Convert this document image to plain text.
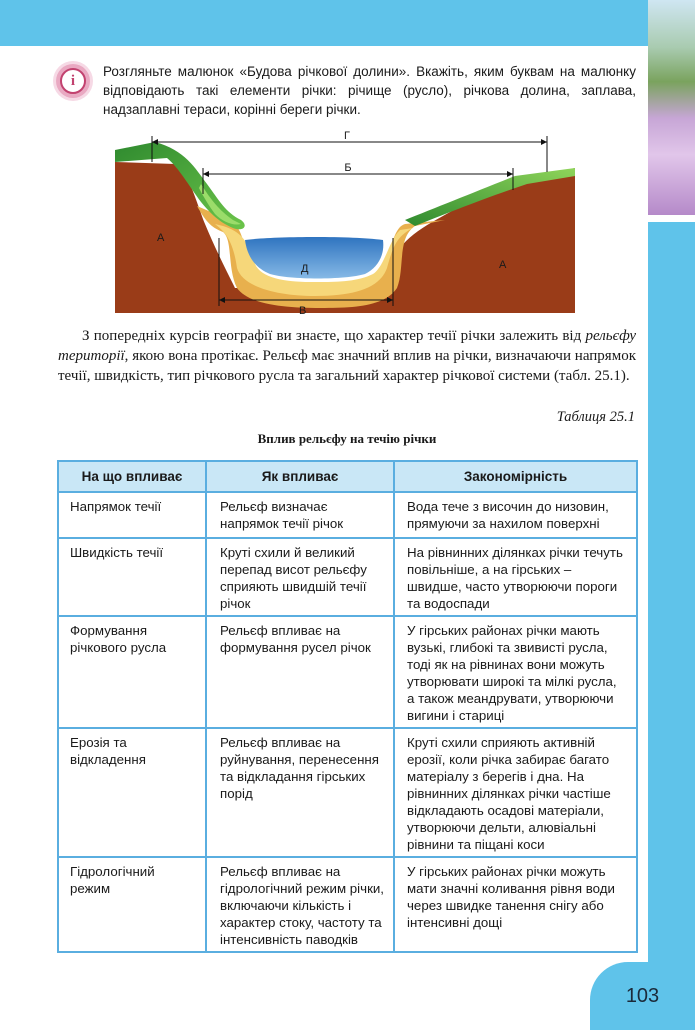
i
Розгляньте малюнок «Будова річкової долини». Вкажіть, яким буквам на малюнку відповідають такі елементи річки: річище (русло), річкова долина, заплава, надзаплавні тераси, корінні береги річки.
Г
Б
А
А
Д
В
З попередніх курсів географії ви знаєте, що характер течії річки залежить від рельєфу території, якою вона протікає. Рельєф має значний вплив на річки, визначаючи напрямок течії, швидкість, тип річкового русла та загальний характер річкової системи (табл. 25.1).
Таблиця 25.1
Вплив рельєфу на течію річки
На що впливає	Як впливає	Закономірність
Напрямок течії	Рельєф визначає напрямок течії річок	Вода тече з височин до низовин, прямуючи за нахилом поверхні
Швидкість течії	Круті схили й великий перепад висот рельєфу сприяють швидшій течії річок	На рівнинних ділянках річки течуть повільніше, а на гірських – швидше, часто утворюючи пороги та водоспади
Формування річкового русла	Рельєф впливає на формування русел річок	У гірських районах річки мають вузькі, глибокі та звивисті русла, тоді як на рівнинах вони можуть утворювати широкі та мілкі русла, а також меандрувати, утворюючи вигини і стариці
Ерозія та відкладення	Рельєф впливає на руйнування, перенесення та відкладання гірських порід	Круті схили сприяють активній ерозії, коли річка забирає багато матеріалу з берегів і дна. На рівнинних ділянках річки частіше відкладають осадові матеріали, утворюючи дельти, алювіальні рівнини та піщані коси
Гідрологічний режим	Рельєф впливає на гідрологічний режим річки, включаючи кількість і характер стоку, частоту та інтенсивність паводків	У гірських районах річки можуть мати значні коливання рівня води через швидке танення снігу або інтенсивні дощі
103
